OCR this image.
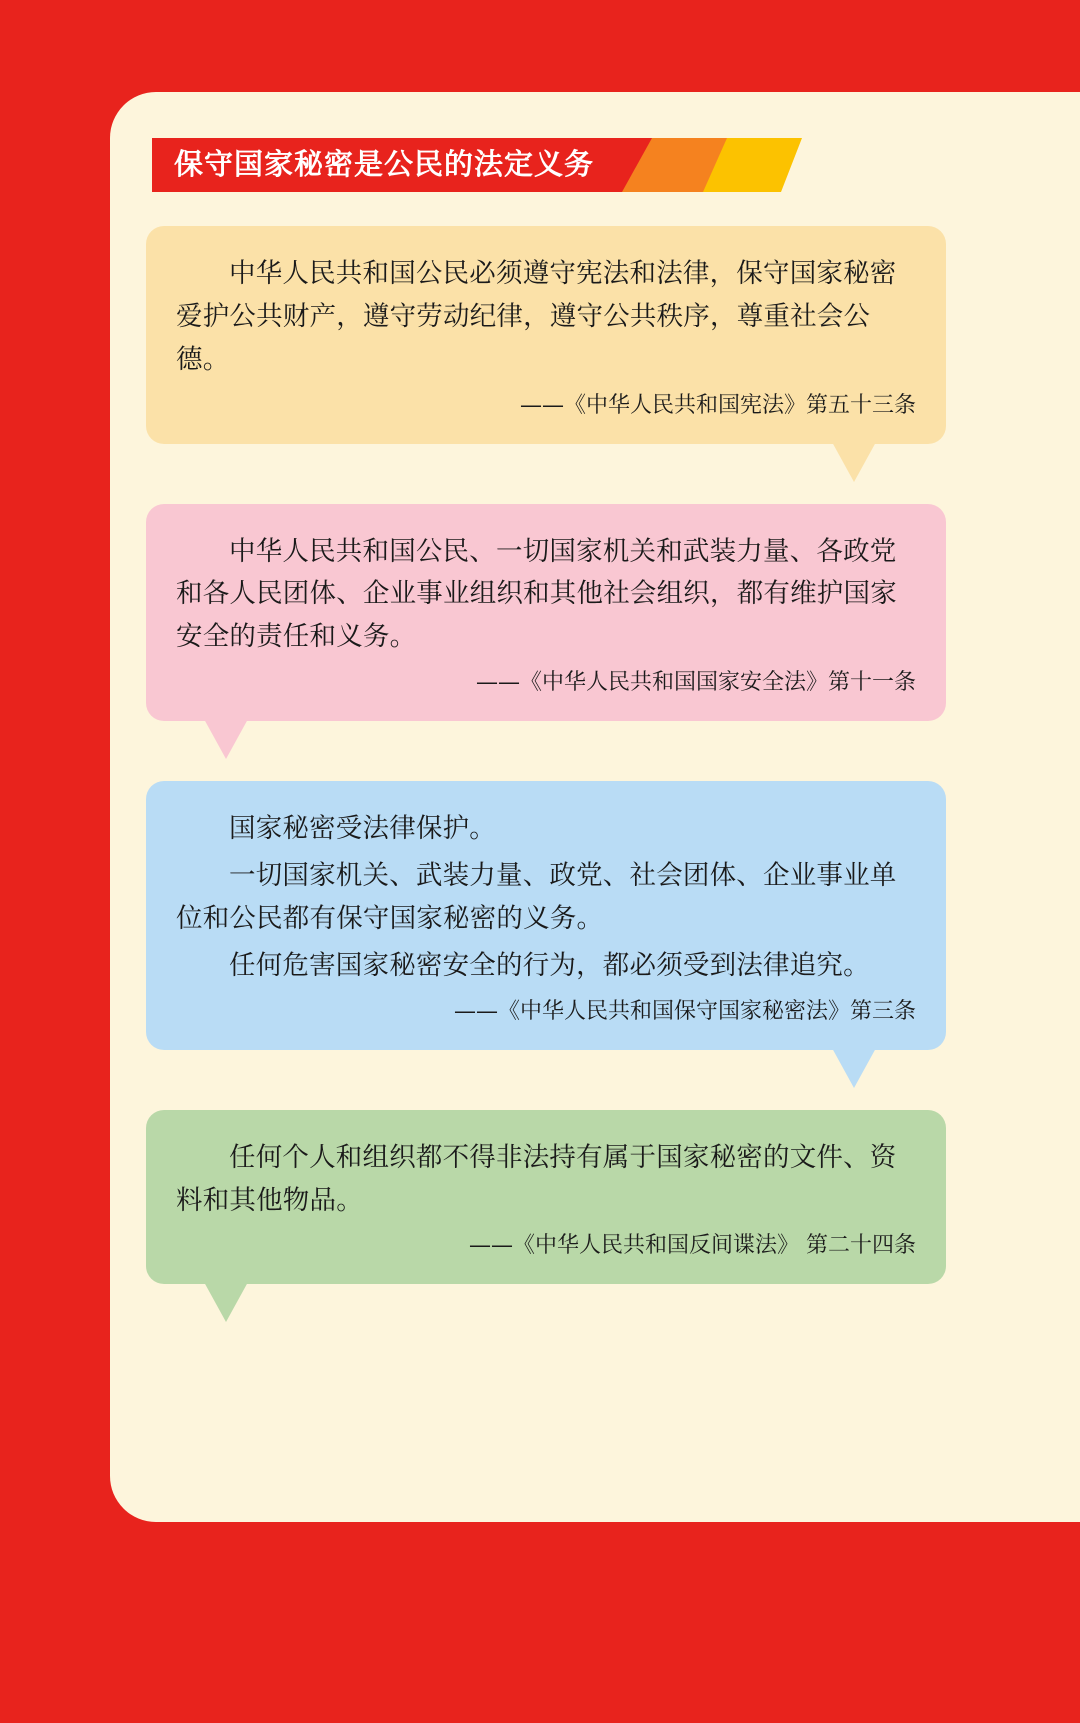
保守国家秘密是公民的法定义务

中华人民共和国公民必须遵守宪法和法律，保守国家秘密爱护公共财产，遵守劳动纪律，遵守公共秩序，尊重社会公德。

——《中华人民共和国宪法》第五十三条

中华人民共和国公民、一切国家机关和武装力量、各政党和各人民团体、企业事业组织和其他社会组织，都有维护国家安全的责任和义务。

——《中华人民共和国国家安全法》第十一条

国家秘密受法律保护。

一切国家机关、武装力量、政党、社会团体、企业事业单位和公民都有保守国家秘密的义务。

任何危害国家秘密安全的行为，都必须受到法律追究。

——《中华人民共和国保守国家秘密法》第三条

任何个人和组织都不得非法持有属于国家秘密的文件、资料和其他物品。

——《中华人民共和国反间谍法》 第二十四条
